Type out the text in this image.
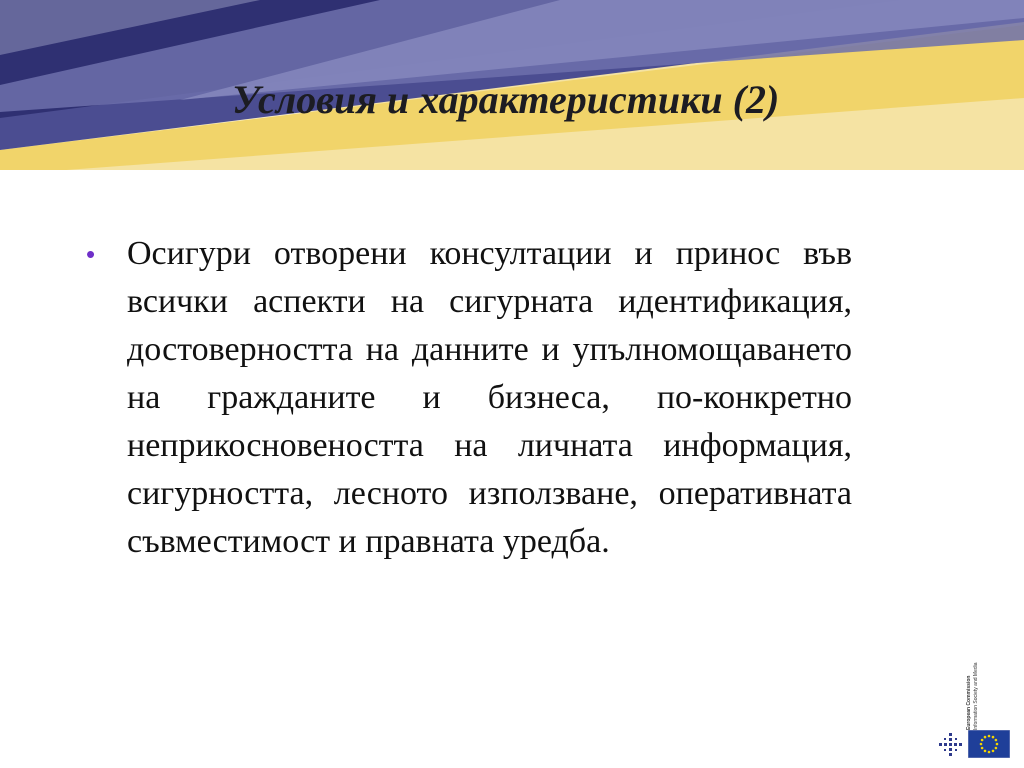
Условия и характеристики (2)
• Осигури отворени консултации и принос във всички аспекти на сигурната идентификация, достоверността на данните и упълномощаването на гражданите и бизнеса, по-конкретно неприкосновеността на личната информация, сигурността, лесното използване, оперативната съвместимост и правната уредба.

European Commission Information Society and Media
